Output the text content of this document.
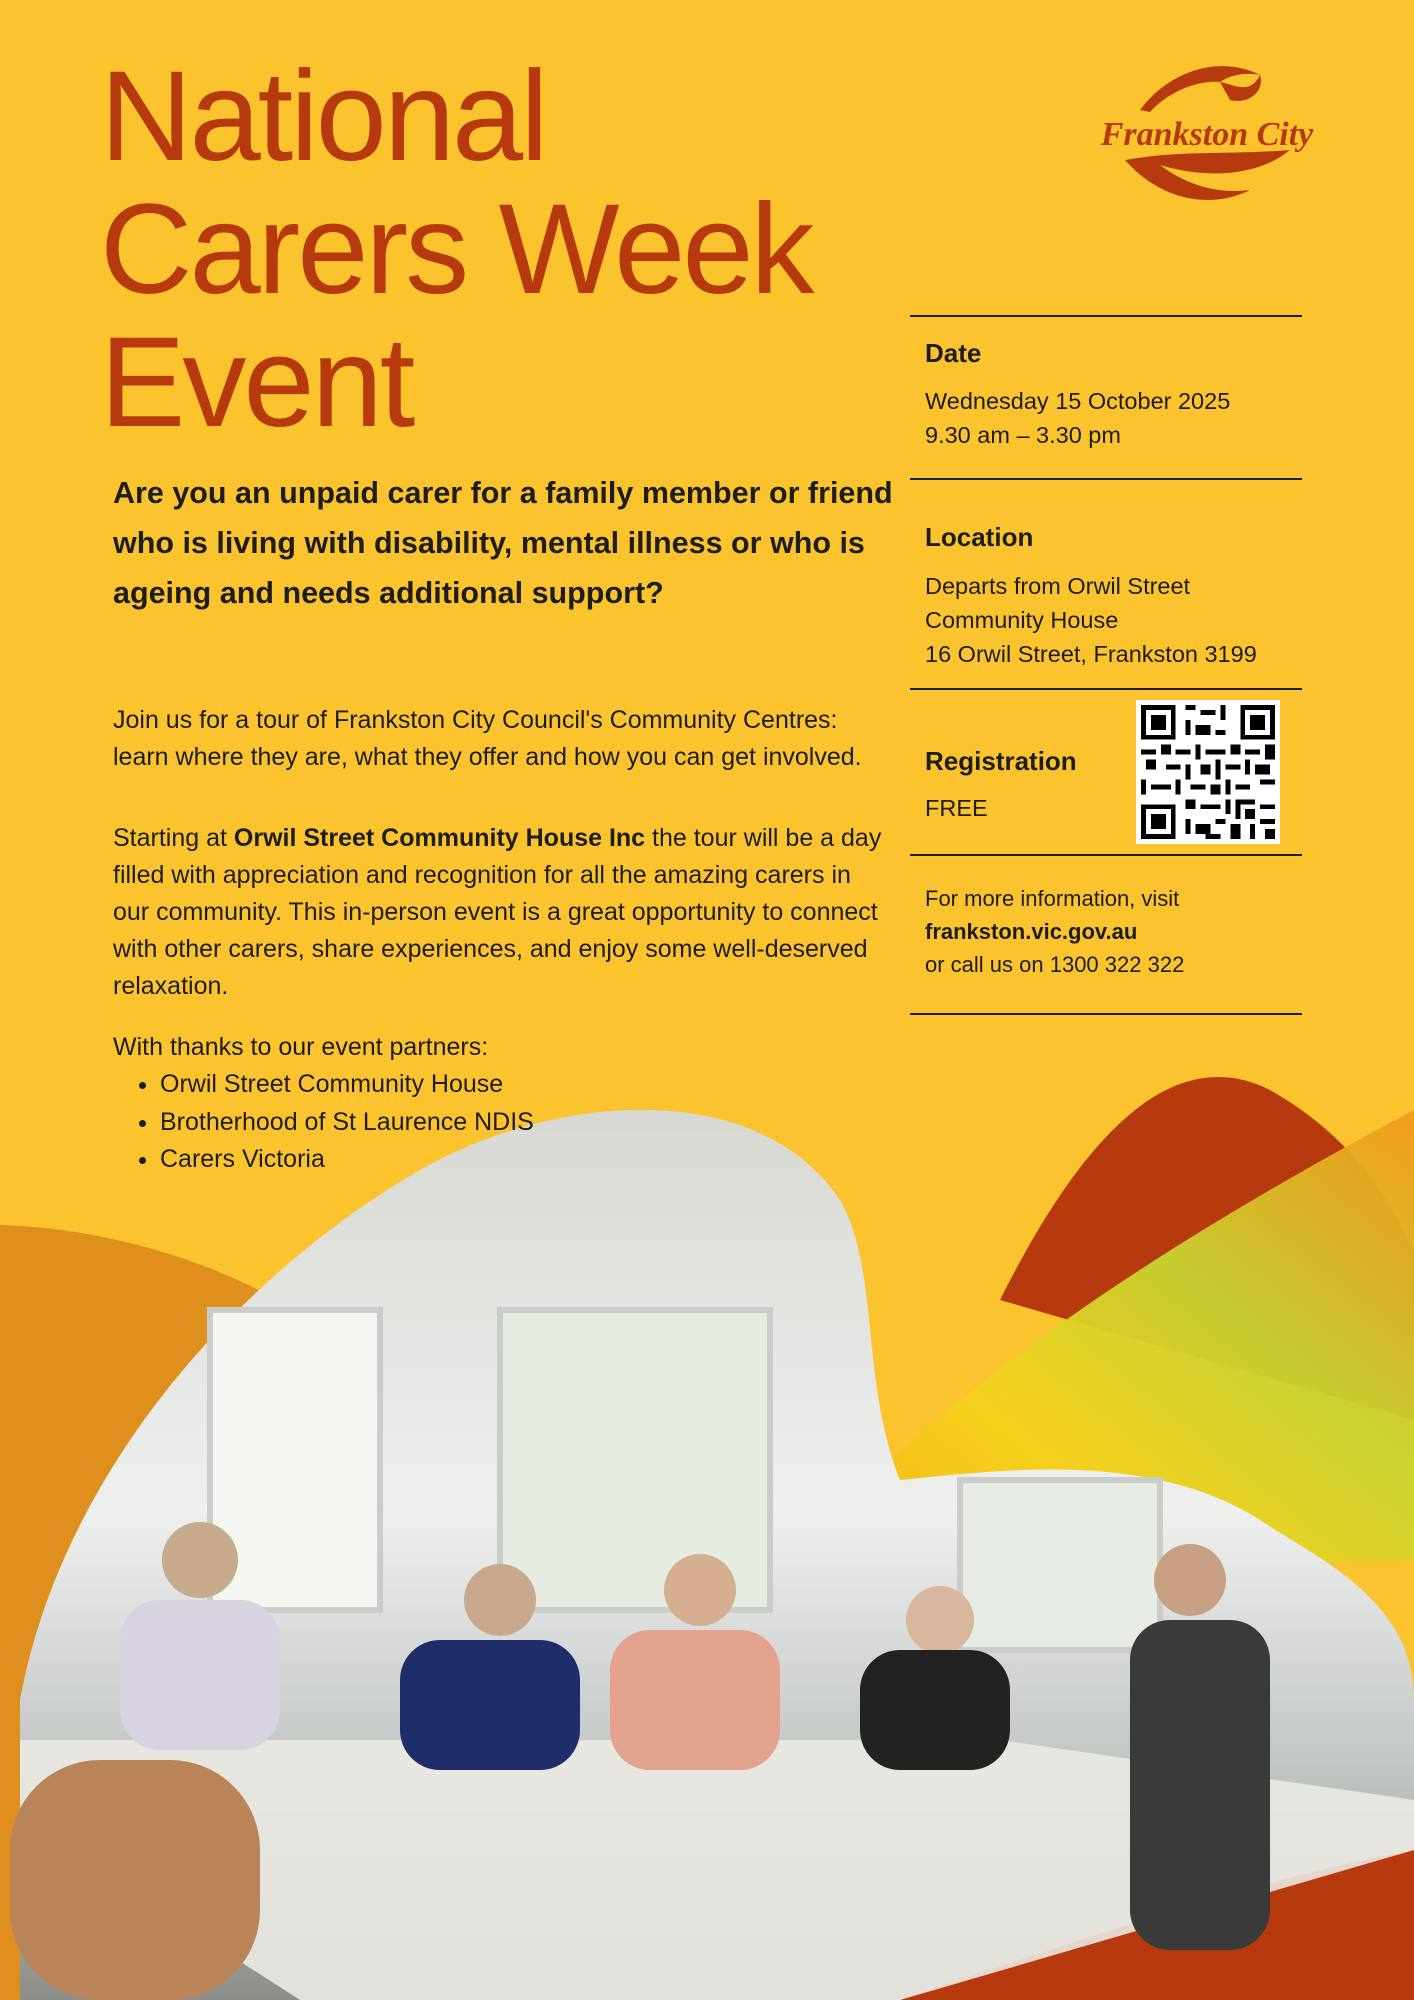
National
Carers Week
Event
Frankston City

Are you an unpaid carer for a family member or friend who is living with disability, mental illness or who is ageing and needs additional support?

Join us for a tour of Frankston City Council's Community Centres: learn where they are, what they offer and how you can get involved.

Starting at Orwil Street Community House Inc the tour will be a day filled with appreciation and recognition for all the amazing carers in our community. This in-person event is a great opportunity to connect with other carers, share experiences, and enjoy some well-deserved relaxation.

With thanks to our event partners:

• Orwil Street Community House
• Brotherhood of St Laurence NDIS
• Carers Victoria

Date

Wednesday 15 October 2025

9.30 am – 3.30 pm

Location

Departs from Orwil Street

Community House

16 Orwil Street, Frankston 3199

Registration

FREE

For more information, visit

frankston.vic.gov.au

or call us on 1300 322 322
